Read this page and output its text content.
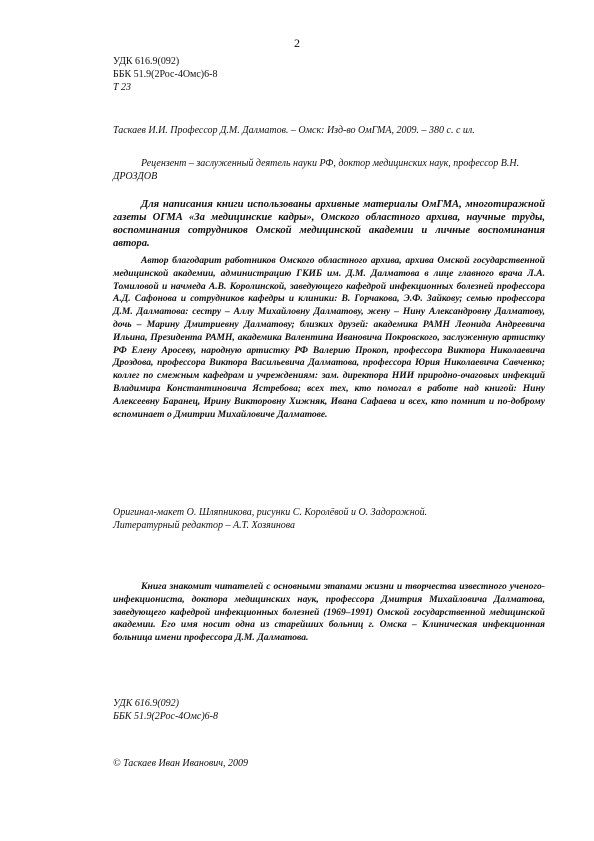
2
УДК 616.9(092)
ББК 51.9(2Рос-4Омс)6-8
Т 23
Таскаев И.И. Профессор Д.М. Далматов. – Омск: Изд-во ОмГМА, 2009. – 380 с. с ил.
Рецензент – заслуженный деятель науки РФ, доктор медицинских наук, профессор В.Н. ДРОЗДОВ
Для написания книги использованы архивные материалы ОмГМА, многотиражной газеты ОГМА «За медицинские кадры», Омского областного архива, научные труды, воспоминания сотрудников Омской медицинской академии и личные воспоминания автора.
Автор благодарит работников Омского областного архива, архива Омской государственной медицинской академии, администрацию ГКИБ им. Д.М. Далматова в лице главного врача Л.А. Томиловой и начмеда А.В. Королинской, заведующего кафедрой инфекционных болезней профессора А.Д. Сафонова и сотрудников кафедры и клиники: В. Горчакова, Э.Ф. Зайкову; семью профессора Д.М. Далматова: сестру – Аллу Михайловну Далматову, жену – Нину Александровну Далматову, дочь – Марину Дмитриевну Далматову; близких друзей: академика РАМН Леонида Андреевича Ильина, Президента РАМН, академика Валентина Ивановича Покровского, заслуженную артистку РФ Елену Аросеву, народную артистку РФ Валерию Прокоп, профессора Виктора Николаевича Дроздова, профессора Виктора Васильевича Далматова, профессора Юрия Николаевича Савченко; коллег по смежным кафедрам и учреждениям: зам. директора НИИ природно-очаговых инфекций Владимира Константиновича Ястребова; всех тех, кто помогал в работе над книгой: Нину Алексеевну Баранец, Ирину Викторовну Хижняк, Ивана Сафаева и всех, кто помнит и по-доброму вспоминает о Дмитрии Михайловиче Далматове.
Оригинал-макет О. Шляпникова, рисунки С. Королёвой и О. Задорожной.
Литературный редактор – А.Т. Хозяинова
Книга знакомит читателей с основными этапами жизни и творчества известного ученого-инфекциониста, доктора медицинских наук, профессора Дмитрия Михайловича Далматова, заведующего кафедрой инфекционных болезней (1969–1991) Омской государственной медицинской академии. Его имя носит одна из старейших больниц г. Омска – Клиническая инфекционная больница имени профессора Д.М. Далматова.
УДК 616.9(092)
ББК 51.9(2Рос-4Омс)6-8
© Таскаев Иван Иванович, 2009
